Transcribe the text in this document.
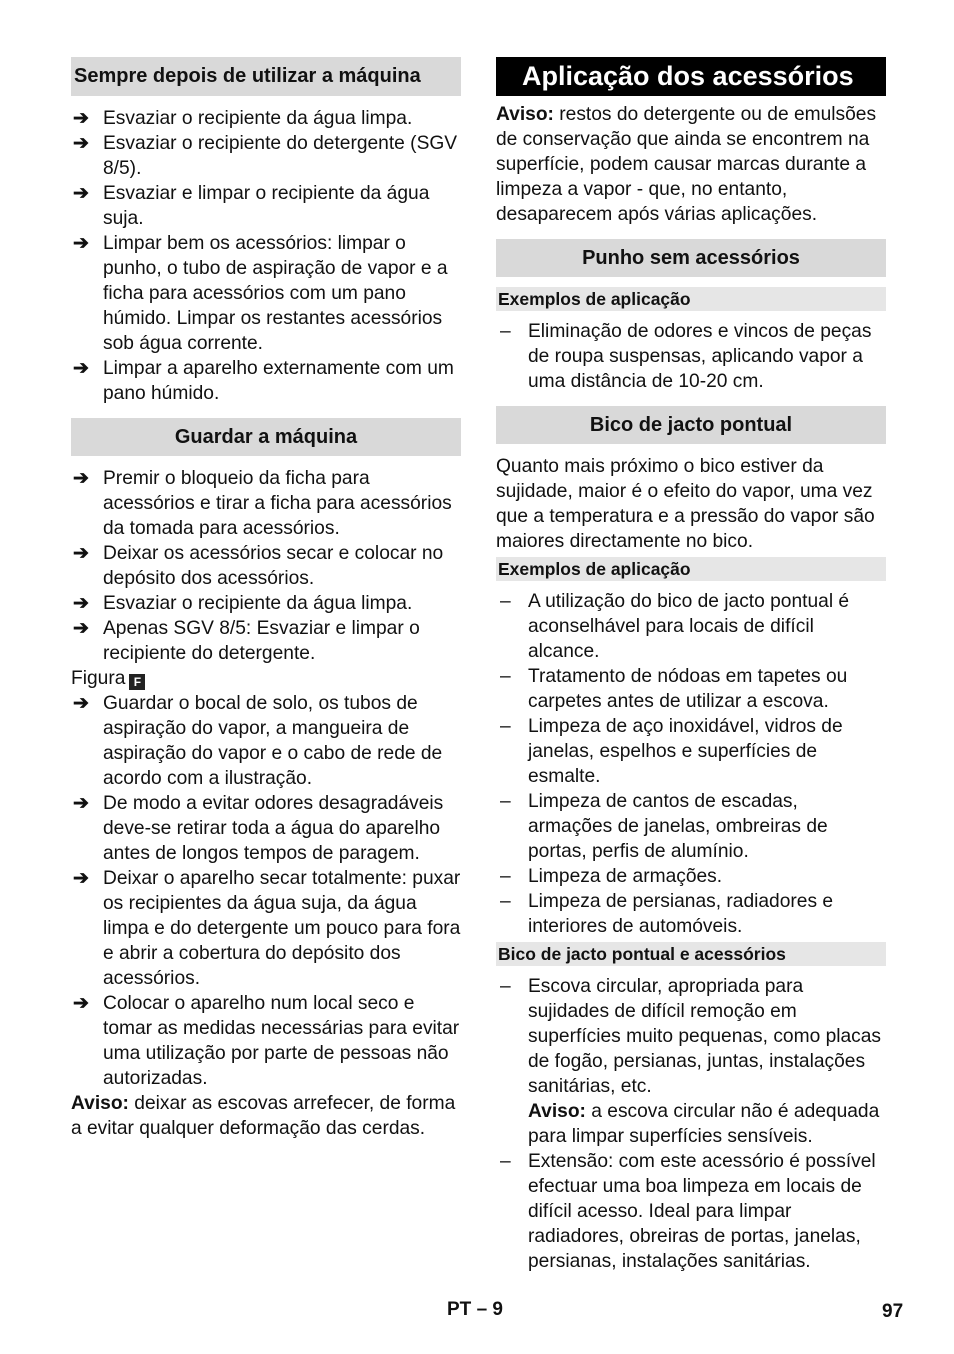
Sempre depois de utilizar a máquina
➔ Esvaziar o recipiente da água limpa.
➔ Esvaziar o recipiente do detergente (SGV 8/5).
➔ Esvaziar e limpar o recipiente da água suja.
➔ Limpar bem os acessórios: limpar o punho, o tubo de aspiração de vapor e a ficha para acessórios com um pano húmido. Limpar os restantes acessórios sob água corrente.
➔ Limpar a aparelho externamente com um pano húmido.
Guardar a máquina
➔ Premir o bloqueio da ficha para acessórios e tirar a ficha para acessórios da tomada para acessórios.
➔ Deixar os acessórios secar e colocar no depósito dos acessórios.
➔ Esvaziar o recipiente da água limpa.
➔ Apenas SGV 8/5: Esvaziar e limpar o recipiente do detergente.

Figura F

➔ Guardar o bocal de solo, os tubos de aspiração do vapor, a mangueira de aspiração do vapor e o cabo de rede de acordo com a ilustração.
➔ De modo a evitar odores desagradáveis deve-se retirar toda a água do aparelho antes de longos tempos de paragem.
➔ Deixar o aparelho secar totalmente: puxar os recipientes da água suja, da água limpa e do detergente um pouco para fora e abrir a cobertura do depósito dos acessórios.
➔ Colocar o aparelho num local seco e tomar as medidas necessárias para evitar uma utilização por parte de pessoas não autorizadas.

Aviso: deixar as escovas arrefecer, de forma a evitar qualquer deformação das cerdas.

Aplicação dos acessórios

Aviso: restos do detergente ou de emulsões de conservação que ainda se encontrem na superfície, podem causar marcas durante a limpeza a vapor - que, no entanto, desaparecem após várias aplicações.

Punho sem acessórios
Exemplos de aplicação
– Eliminação de odores e vincos de peças de roupa suspensas, aplicando vapor a uma distância de 10-20 cm.
Bico de jacto pontual

Quanto mais próximo o bico estiver da sujidade, maior é o efeito do vapor, uma vez que a temperatura e a pressão do vapor são maiores directamente no bico.

Exemplos de aplicação
– A utilização do bico de jacto pontual é aconselhável para locais de difícil alcance.
– Tratamento de nódoas em tapetes ou carpetes antes de utilizar a escova.
– Limpeza de aço inoxidável, vidros de janelas, espelhos e superfícies de esmalte.
– Limpeza de cantos de escadas, armações de janelas, ombreiras de portas, perfis de alumínio.
– Limpeza de armações.
– Limpeza de persianas, radiadores e interiores de automóveis.
Bico de jacto pontual e acessórios
– Escova circular, apropriada para sujidades de difícil remoção em superfícies muito pequenas, como placas de fogão, persianas, juntas, instalações sanitárias, etc.
Aviso: a escova circular não é adequada para limpar superfícies sensíveis.
– Extensão: com este acessório é possível efectuar uma boa limpeza em locais de difícil acesso. Ideal para limpar radiadores, obreiras de portas, janelas, persianas, instalações sanitárias.
PT – 9	97
